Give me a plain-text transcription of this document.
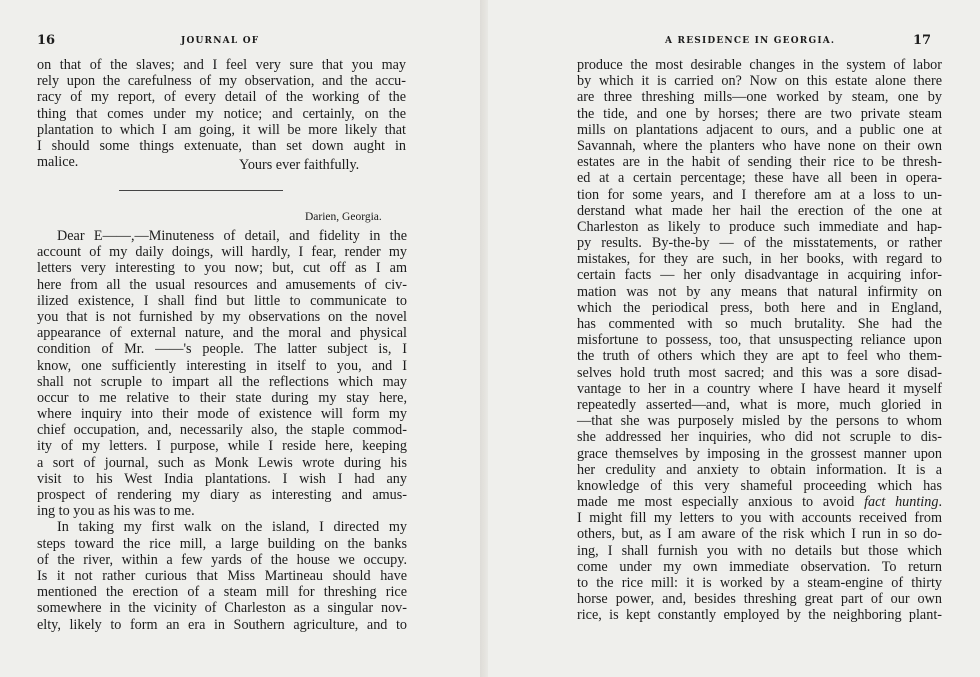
16	JOURNAL OF
on that of the slaves; and I feel very sure that you may
rely upon the carefulness of my observation, and the accu-
racy of my report, of every detail of the working of the
thing that comes under my notice; and certainly, on the
plantation to which I am going, it will be more likely that
I should some things extenuate, than set down aught in
malice.	Yours ever faithfully.
Darien, Georgia.
Dear E——,—Minuteness of detail, and fidelity in the
account of my daily doings, will hardly, I fear, render my
letters very interesting to you now; but, cut off as I am
here from all the usual resources and amusements of civ-
ilized existence, I shall find but little to communicate to
you that is not furnished by my observations on the novel
appearance of external nature, and the moral and physical
condition of Mr. ——'s people. The latter subject is, I
know, one sufficiently interesting in itself to you, and I
shall not scruple to impart all the reflections which may
occur to me relative to their state during my stay here,
where inquiry into their mode of existence will form my
chief occupation, and, necessarily also, the staple commod-
ity of my letters. I purpose, while I reside here, keeping
a sort of journal, such as Monk Lewis wrote during his
visit to his West India plantations. I wish I had any
prospect of rendering my diary as interesting and amus-
ing to you as his was to me.
In taking my first walk on the island, I directed my
steps toward the rice mill, a large building on the banks
of the river, within a few yards of the house we occupy.
Is it not rather curious that Miss Martineau should have
mentioned the erection of a steam mill for threshing rice
somewhere in the vicinity of Charleston as a singular nov-
elty, likely to form an era in Southern agriculture, and to
A RESIDENCE IN GEORGIA.	17
produce the most desirable changes in the system of labor
by which it is carried on? Now on this estate alone there
are three threshing mills—one worked by steam, one by
the tide, and one by horses; there are two private steam
mills on plantations adjacent to ours, and a public one at
Savannah, where the planters who have none on their own
estates are in the habit of sending their rice to be thresh-
ed at a certain percentage; these have all been in opera-
tion for some years, and I therefore am at a loss to un-
derstand what made her hail the erection of the one at
Charleston as likely to produce such immediate and hap-
py results. By-the-by — of the misstatements, or rather
mistakes, for they are such, in her books, with regard to
certain facts — her only disadvantage in acquiring infor-
mation was not by any means that natural infirmity on
which the periodical press, both here and in England,
has commented with so much brutality. She had the
misfortune to possess, too, that unsuspecting reliance upon
the truth of others which they are apt to feel who them-
selves hold truth most sacred; and this was a sore disad-
vantage to her in a country where I have heard it myself
repeatedly asserted—and, what is more, much gloried in
—that she was purposely misled by the persons to whom
she addressed her inquiries, who did not scruple to dis-
grace themselves by imposing in the grossest manner upon
her credulity and anxiety to obtain information. It is a
knowledge of this very shameful proceeding which has
made me most especially anxious to avoid fact hunting.
I might fill my letters to you with accounts received from
others, but, as I am aware of the risk which I run in so do-
ing, I shall furnish you with no details but those which
come under my own immediate observation. To return
to the rice mill: it is worked by a steam-engine of thirty
horse power, and, besides threshing great part of our own
rice, is kept constantly employed by the neighboring plant-
